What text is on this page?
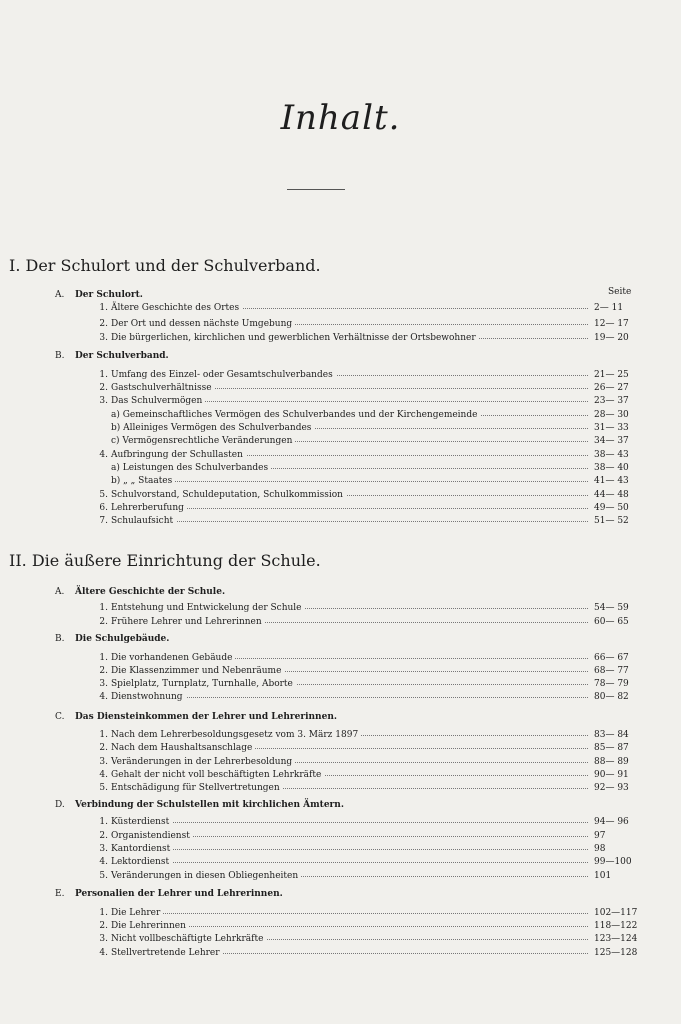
Inhalt.
I. Der Schulort und der Schulverband.
Seite
II. Die äußere Einrichtung der Schule.
A. Der Schulort.
1. Ältere Geschichte des Ortes	2— 11
2. Der Ort und dessen nächste Umgebung	12— 17
3. Die bürgerlichen, kirchlichen und gewerblichen Verhältnisse der Ortsbewohner	19— 20
B. Der Schulverband.
1. Umfang des Einzel- oder Gesamtschulverbandes	21— 25
2. Gastschulverhältnisse	26— 27
3. Das Schulvermögen	23— 37
a) Gemeinschaftliches Vermögen des Schulverbandes und der Kirchengemeinde	28— 30
b) Alleiniges Vermögen des Schulverbandes	31— 33
c) Vermögensrechtliche Veränderungen	34— 37
4. Aufbringung der Schullasten	38— 43
a) Leistungen des Schulverbandes	38— 40
b) „ „ Staates	41— 43
5. Schulvorstand, Schuldeputation, Schulkommission	44— 48
6. Lehrerberufung	49— 50
7. Schulaufsicht	51— 52
A. Ältere Geschichte der Schule.
1. Entstehung und Entwickelung der Schule	54— 59
2. Frühere Lehrer und Lehrerinnen	60— 65
B. Die Schulgebäude.
1. Die vorhandenen Gebäude	66— 67
2. Die Klassenzimmer und Nebenräume	68— 77
3. Spielplatz, Turnplatz, Turnhalle, Aborte	78— 79
4. Dienstwohnung	80— 82
C. Das Diensteinkommen der Lehrer und Lehrerinnen.
1. Nach dem Lehrerbesoldungsgesetz vom 3. März 1897	83— 84
2. Nach dem Haushaltsanschlage	85— 87
3. Veränderungen in der Lehrerbesoldung	88— 89
4. Gehalt der nicht voll beschäftigten Lehrkräfte	90— 91
5. Entschädigung für Stellvertretungen	92— 93
D. Verbindung der Schulstellen mit kirchlichen Ämtern.
1. Küsterdienst	94— 96
2. Organistendienst	97
3. Kantordienst	98
4. Lektordienst	99—100
5. Veränderungen in diesen Obliegenheiten	101
E. Personalien der Lehrer und Lehrerinnen.
1. Die Lehrer	102—117
2. Die Lehrerinnen	118—122
3. Nicht vollbeschäftigte Lehrkräfte	123—124
4. Stellvertretende Lehrer	125—128
